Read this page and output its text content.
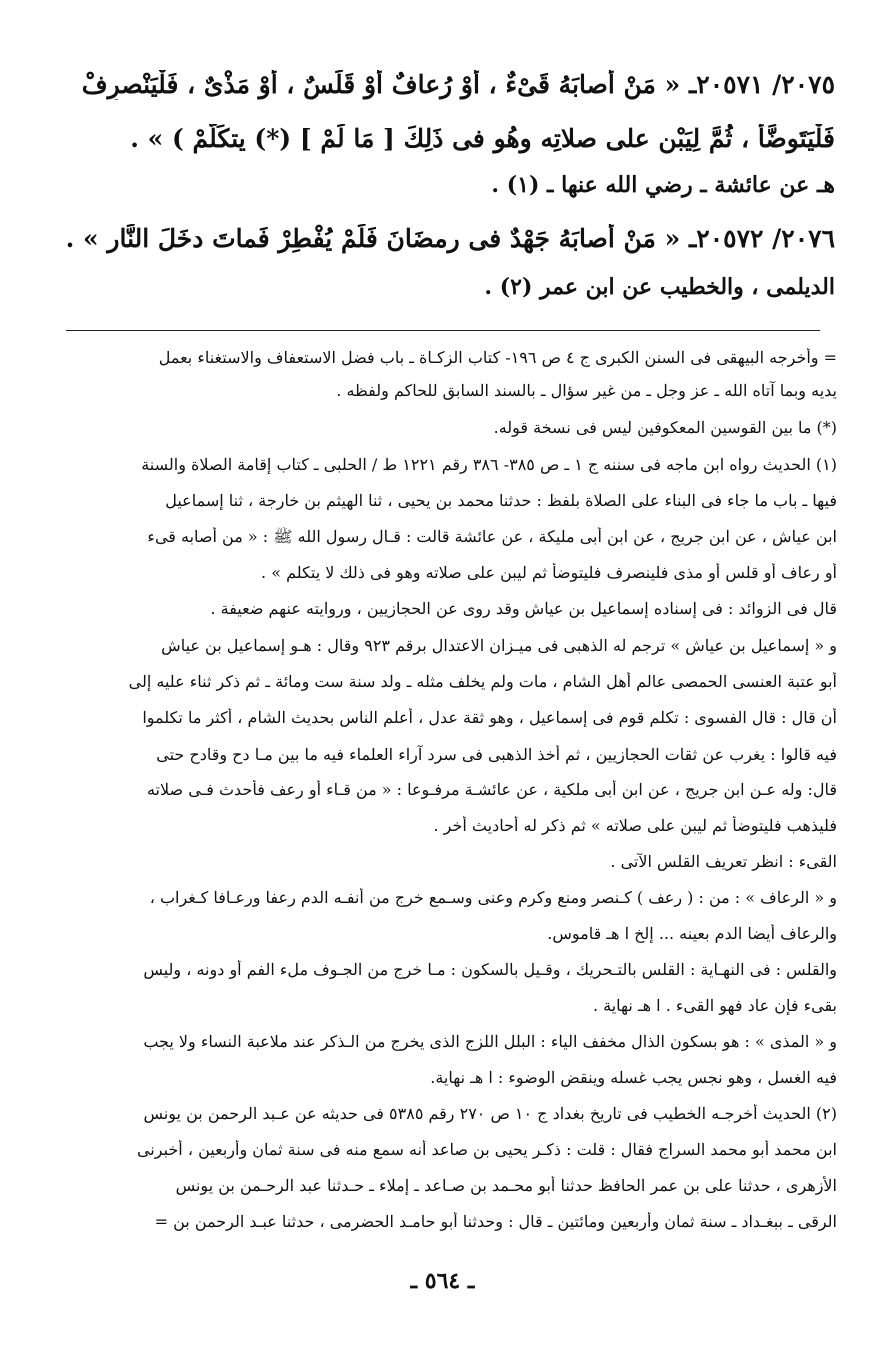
٢٠٧٥/ ٢٠٥٧١ـ « مَنْ أَصابَهُ قَىْءٌ ، أَوْ رُعافٌ أَوْ قَلَسٌ ، أَوْ مَذْىٌ ، فَلْيَنْصرِفْ
فَلْيَتَوضَّأْ ، ثُمَّ لِيَبْنِ على صلاتِه وهُو فى ذَلِكَ [ مَا لَمْ ] (*) يتكَلَّمْ ) » .
هـ عن عائشة ـ رضي الله عنها ـ (١) .
٢٠٧٦/ ٢٠٥٧٢ـ « مَنْ أَصابَهُ جَهْدٌ فى رمضَانَ فَلَمْ يُفْطِرْ فَماتَ دخَلَ النَّار » .
الديلمى ، والخطيب عن ابن عمر (٢) .
= وأخرجه البيهقى فى السنن الكبرى ج ٤ ص ١٩٦- كتاب الزكـاة ـ باب فضل الاستعفاف والاستغناء بعمل
يديه وبما آتاه الله ـ عز وجل ـ من غير سؤال ـ بالسند السابق للحاكم ولفظه .
(*) ما بين القوسين المعكوفين ليس فى نسخة قوله.
(١) الحديث رواه ابن ماجه فى سننه ج ١ ـ ص ٣٨٥- ٣٨٦ رقم ١٢٢١ ط / الحلبى ـ كتاب إقامة الصلاة والسنة
فيها ـ باب ما جاء فى البناء على الصلاة بلفظ : حدثنا محمد بن يحيى ، ثنا الهيثم بن خارجة ، ثنا إسماعيل
ابن عياش ، عن ابن جريج ، عن ابن أبى مليكة ، عن عائشة قالت : قـال رسول الله ﷺ : « من أصابه قىء
أو رعاف أو قلس أو مذى فلينصرف فليتوضأ ثم ليبن على صلاته وهو فى ذلك لا يتكلم » .
قال فى الزوائد : فى إسناده إسماعيل بن عياش وقد روى عن الحجازيين ، وروايته عنهم ضعيفة .
و « إسماعيل بن عياش » ترجم له الذهبى فى ميـزان الاعتدال برقم ٩٢٣ وقال : هـو إسماعيل بن عياش
أبو عتبة العنسى الحمصى عالم أهل الشام ، مات ولم يخلف مثله ـ ولد سنة ست ومائة ـ ثم ذكر ثناء عليه إلى
أن قال : قال الفسوى : تكلم قوم فى إسماعيل ، وهو ثقة عدل ، أعلم الناس بحديث الشام ، أكثر ما تكلموا
فيه قالوا : يغرب عن ثقات الحجازيين ، ثم أخذ الذهبى فى سرد آراء العلماء فيه ما بين مـا دح وقادح حتى
قال: وله عـن ابن جريج ، عن ابن أبى ملكية ، عن عائشـة مرفـوعا : « من قـاء أو رعف فأحدث فـى صلاته
فليذهب فليتوضأ ثم ليبن على صلاته » ثم ذكر له أحاديث أخر .
القىء : انظر تعريف القلس الآتى .
و « الرعاف » : من : ( رعف ) كـنصر ومنع وكرم وعنى وسـمع خرج من أنفـه الدم رعفا ورعـافا كـغراب ،
والرعاف أيضا الدم بعينه ... إلخ ا هـ قاموس.
والقلس : فى النهـاية : القلس بالتـحريك ، وقـيل بالسكون : مـا خرج من الجـوف ملء الفم أو دونه ، وليس
بقىء فإن عاد فهو القىء . ا هـ نهاية .
و « المذى » : هو بسكون الذال مخفف الياء : البلل اللزج الذى يخرج من الـذكر عند ملاعبة النساء ولا يجب
فيه الغسل ، وهو نجس يجب غسله وينقض الوضوء : ا هـ نهاية.
(٢) الحديث أخرجـه الخطيب فى تاريخ بغداد ج ١٠ ص ٢٧٠ رقم ٥٣٨٥ فى حديثه عن عـبد الرحمن بن يونس
ابن محمد أبو محمد السراج فقال : قلت : ذكـر يحيى بن صاعد أنه سمع منه فى سنة ثمان وأربعين ، أخبرنى
الأزهرى ، حدثنا على بن عمر الحافظ حدثنا أبو محـمد بن صـاعد ـ إملاء ـ حـدثنا عبد الرحـمن بن يونس
الرقى ـ ببغـداد ـ سنة ثمان وأربعين ومائتين ـ قال : وحدثنا أبو حامـد الحضرمى ، حدثنا عبـد الرحمن بن =
ـ ٥٦٤ ـ
